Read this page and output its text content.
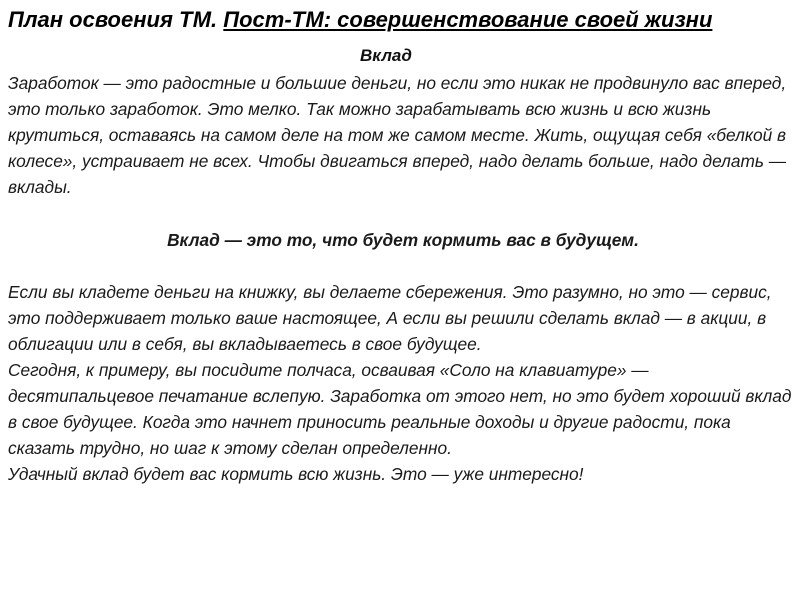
План освоения ТМ. Пост-ТМ: совершенствование своей жизни
Вклад

Заработок — это радостные и большие деньги, но если это никак не продвинуло вас вперед, это только заработок. Это мелко. Так можно зарабатывать всю жизнь и всю жизнь крутиться, оставаясь на самом деле на том же самом месте. Жить, ощущая себя «белкой в колесе», устраивает не всех. Чтобы двигаться вперед, надо делать больше, надо делать — вклады.

Вклад — это то, что будет кормить вас в будущем.

Если вы кладете деньги на книжку, вы делаете сбережения. Это разумно, но это — сервис, это поддерживает только ваше настоящее, А если вы решили сделать вклад — в акции, в облигации или в себя, вы вкладываетесь в свое будущее.

Сегодня, к примеру, вы посидите полчаса, осваивая «Соло на клавиатуре» — десятипальцевое печатание вслепую. Заработка от этого нет, но это будет хороший вклад в свое будущее. Когда это начнет приносить реальные доходы и другие радости, пока сказать трудно, но шаг к этому сделан определенно.

Удачный вклад будет вас кормить всю жизнь. Это — уже интересно!
